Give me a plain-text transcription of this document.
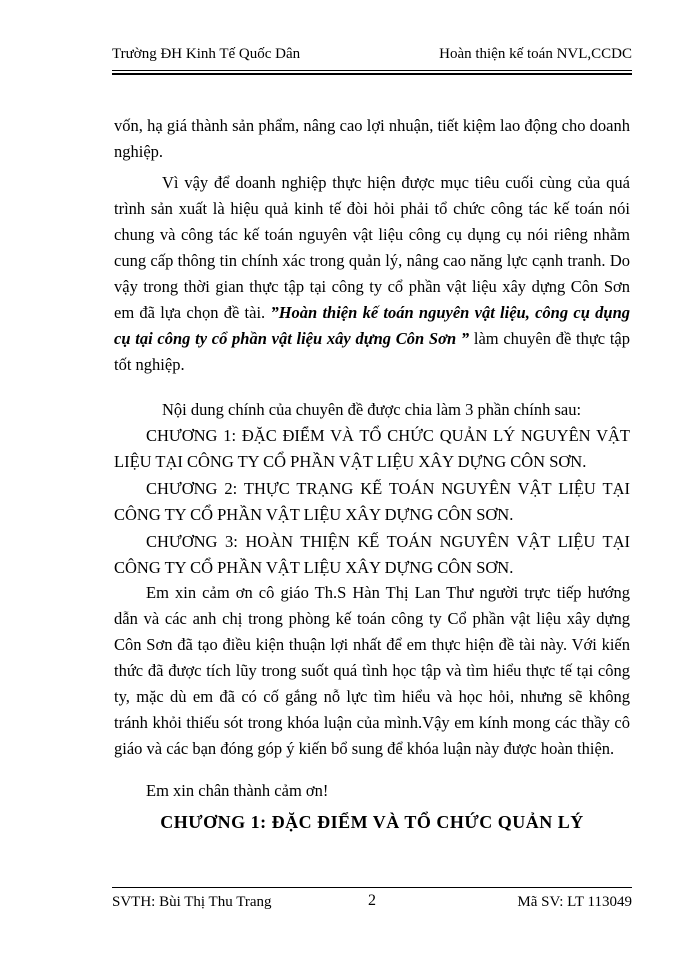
Trường ĐH Kinh Tế Quốc Dân	Hoàn thiện kế toán NVL,CCDC

vốn, hạ giá thành sản phẩm, nâng cao lợi nhuận, tiết kiệm lao động cho doanh nghiệp.

Vì vậy để doanh nghiệp thực hiện được mục tiêu cuối cùng của quá trình sản xuất là hiệu quả kinh tế đòi hỏi phải tổ chức công tác kế toán nói chung và công tác kế toán nguyên vật liệu công cụ dụng cụ nói riêng nhằm cung cấp thông tin chính xác trong quản lý, nâng cao năng lực cạnh tranh. Do vậy trong thời gian thực tập tại công ty cổ phần vật liệu xây dựng Côn Sơn em đã lựa chọn đề tài. ”Hoàn thiện kế toán nguyên vật liệu, công cụ dụng cụ tại công ty cổ phần vật liệu xây dựng Côn Sơn ” làm chuyên đề thực tập tốt nghiệp.

Nội dung chính của chuyên đề được chia làm 3 phần chính sau:

CHƯƠNG 1: ĐẶC ĐIỂM VÀ TỔ CHỨC QUẢN LÝ NGUYÊN VẬT LIỆU TẠI CÔNG TY CỔ PHẦN VẬT LIỆU XÂY DỰNG CÔN SƠN.

CHƯƠNG 2: THỰC TRẠNG KẾ TOÁN NGUYÊN VẬT LIỆU TẠI CÔNG TY CỔ PHẦN VẬT LIỆU XÂY DỰNG CÔN SƠN.

CHƯƠNG 3: HOÀN THIỆN KẾ TOÁN NGUYÊN VẬT LIỆU TẠI CÔNG TY CỔ PHẦN VẬT LIỆU XÂY DỰNG CÔN SƠN.

Em xin cảm ơn cô giáo Th.S Hàn Thị Lan Thư người trực tiếp hướng dẫn và các anh chị trong phòng kế toán công ty Cổ phần vật liệu xây dựng Côn Sơn đã tạo điều kiện thuận lợi nhất để em thực hiện đề tài này. Với kiến thức đã được tích lũy trong suốt quá tình học tập và tìm hiểu thực tế tại công ty, mặc dù em đã có cố gắng nỗ lực tìm hiểu và học hỏi, nhưng sẽ không tránh khỏi thiếu sót trong khóa luận của mình.Vậy em kính mong các thầy cô giáo và các bạn đóng góp ý kiến bổ sung để khóa luận này được hoàn thiện.

Em xin chân thành cảm ơn!

CHƯƠNG 1: ĐẶC ĐIỂM VÀ TỔ CHỨC QUẢN LÝ
SVTH: Bùi Thị Thu Trang	2	Mã SV: LT 113049
